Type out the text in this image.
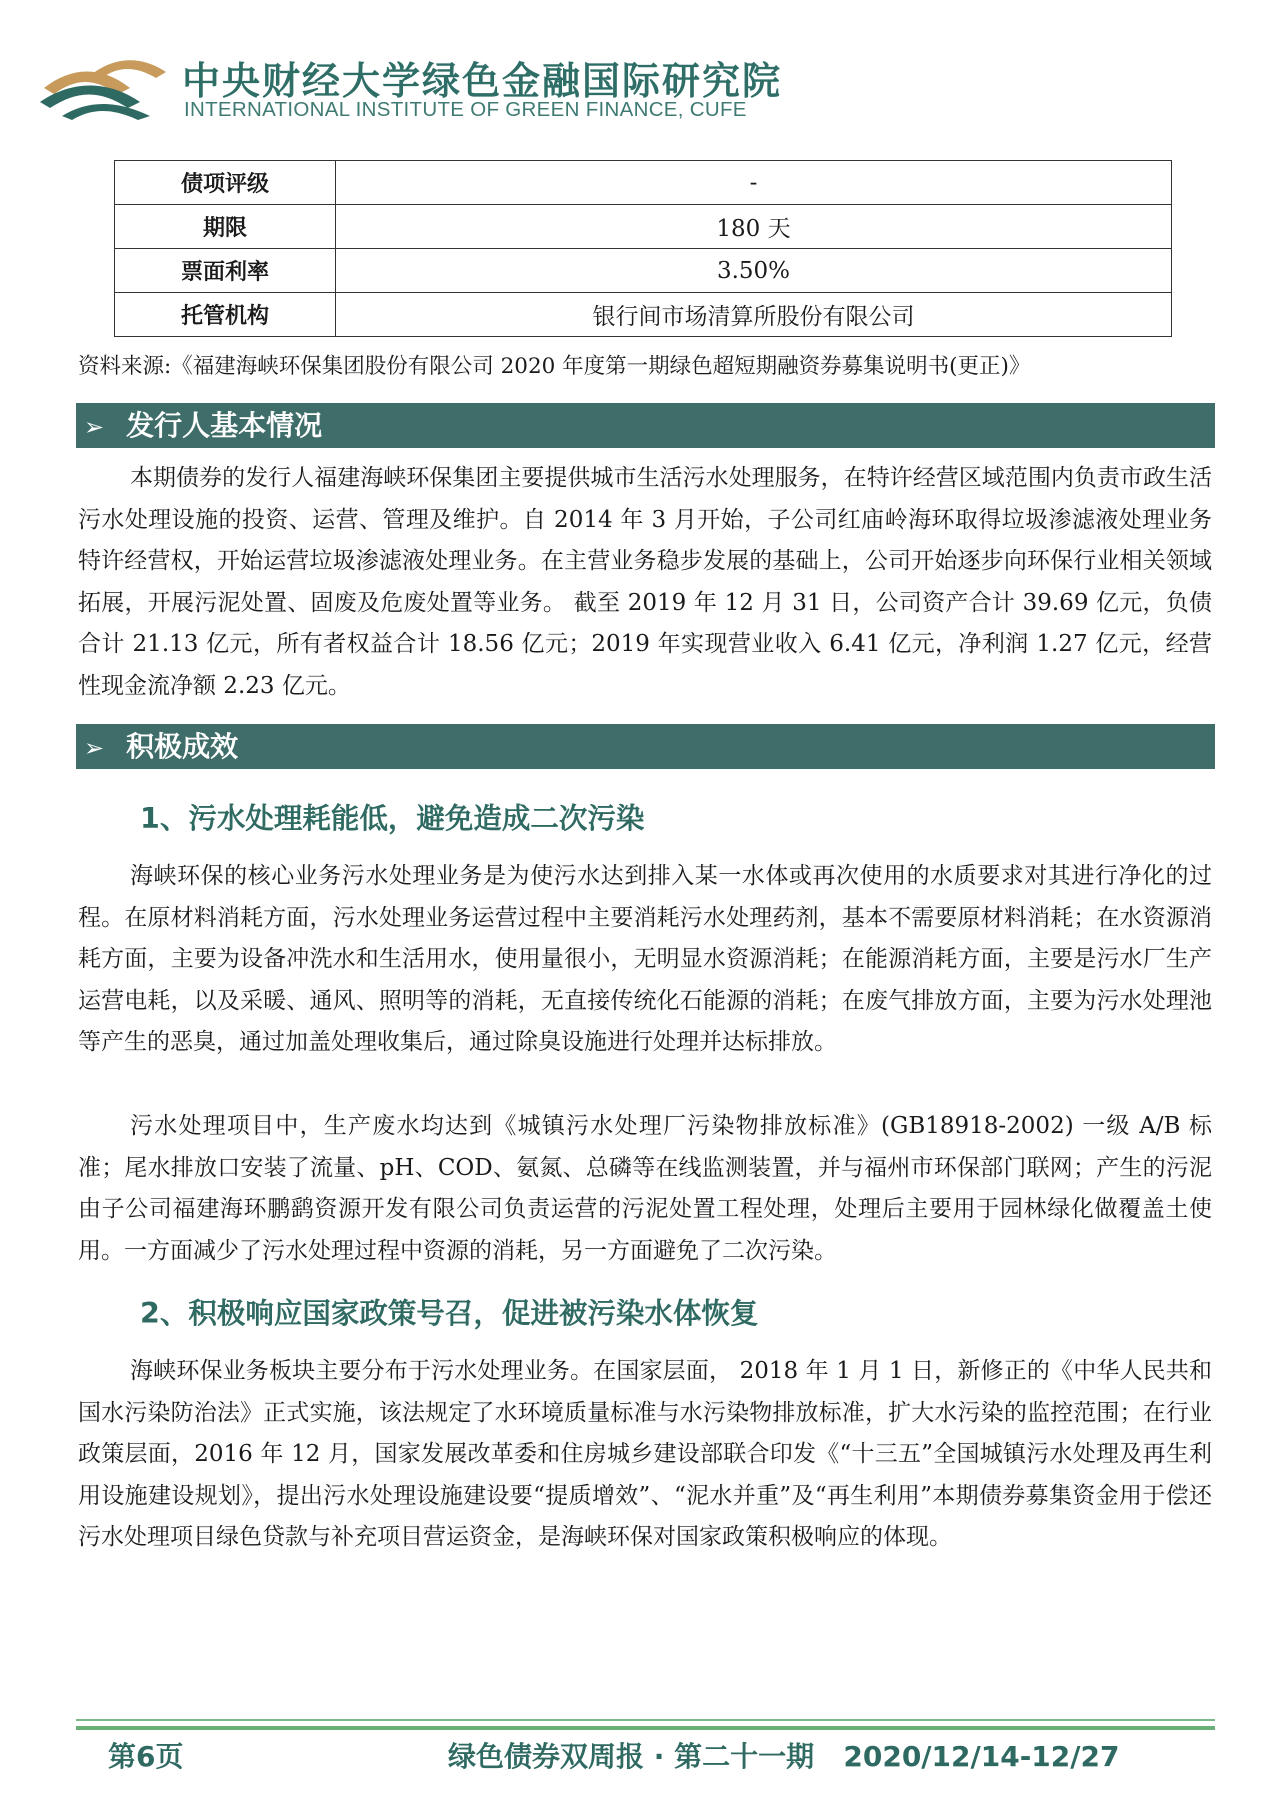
中央财经大学绿色金融国际研究院
INTERNATIONAL INSTITUTE OF GREEN FINANCE, CUFE
债项评级	-
期限	180 天
票面利率	3.50%
托管机构	银行间市场清算所股份有限公司
资料来源:《福建海峡环保集团股份有限公司 2020 年度第一期绿色超短期融资券募集说明书(更正)》
➢ 发行人基本情况

本期债券的发行人福建海峡环保集团主要提供城市生活污水处理服务，在特许经营区域范围内负责市政生活污水处理设施的投资、运营、管理及维护。自 2014 年 3 月开始，子公司红庙岭海环取得垃圾渗滤液处理业务特许经营权，开始运营垃圾渗滤液处理业务。在主营业务稳步发展的基础上，公司开始逐步向环保行业相关领域拓展，开展污泥处置、固废及危废处置等业务。 截至 2019 年 12 月 31 日，公司资产合计 39.69 亿元，负债合计 21.13 亿元，所有者权益合计 18.56 亿元；2019 年实现营业收入 6.41 亿元，净利润 1.27 亿元，经营性现金流净额 2.23 亿元。

➢ 积极成效
1、污水处理耗能低，避免造成二次污染

海峡环保的核心业务污水处理业务是为使污水达到排入某一水体或再次使用的水质要求对其进行净化的过程。在原材料消耗方面，污水处理业务运营过程中主要消耗污水处理药剂，基本不需要原材料消耗；在水资源消耗方面，主要为设备冲洗水和生活用水，使用量很小，无明显水资源消耗；在能源消耗方面，主要是污水厂生产运营电耗，以及采暖、通风、照明等的消耗，无直接传统化石能源的消耗；在废气排放方面，主要为污水处理池等产生的恶臭，通过加盖处理收集后，通过除臭设施进行处理并达标排放。

污水处理项目中，生产废水均达到《城镇污水处理厂污染物排放标准》(GB18918-2002) 一级 A/B 标准；尾水排放口安装了流量、pH、COD、氨氮、总磷等在线监测装置，并与福州市环保部门联网；产生的污泥由子公司福建海环鹏鹞资源开发有限公司负责运营的污泥处置工程处理，处理后主要用于园林绿化做覆盖土使用。一方面减少了污水处理过程中资源的消耗，另一方面避免了二次污染。

2、积极响应国家政策号召，促进被污染水体恢复

海峡环保业务板块主要分布于污水处理业务。在国家层面， 2018 年 1 月 1 日，新修正的《中华人民共和国水污染防治法》正式实施，该法规定了水环境质量标准与水污染物排放标准，扩大水污染的监控范围；在行业政策层面，2016 年 12 月，国家发展改革委和住房城乡建设部联合印发《“十三五”全国城镇污水处理及再生利用设施建设规划》，提出污水处理设施建设要“提质增效”、“泥水并重”及“再生利用”本期债券募集资金用于偿还污水处理项目绿色贷款与补充项目营运资金，是海峡环保对国家政策积极响应的体现。

第6页	绿色债券双周报 · 第二十一期   2020/12/14-12/27
